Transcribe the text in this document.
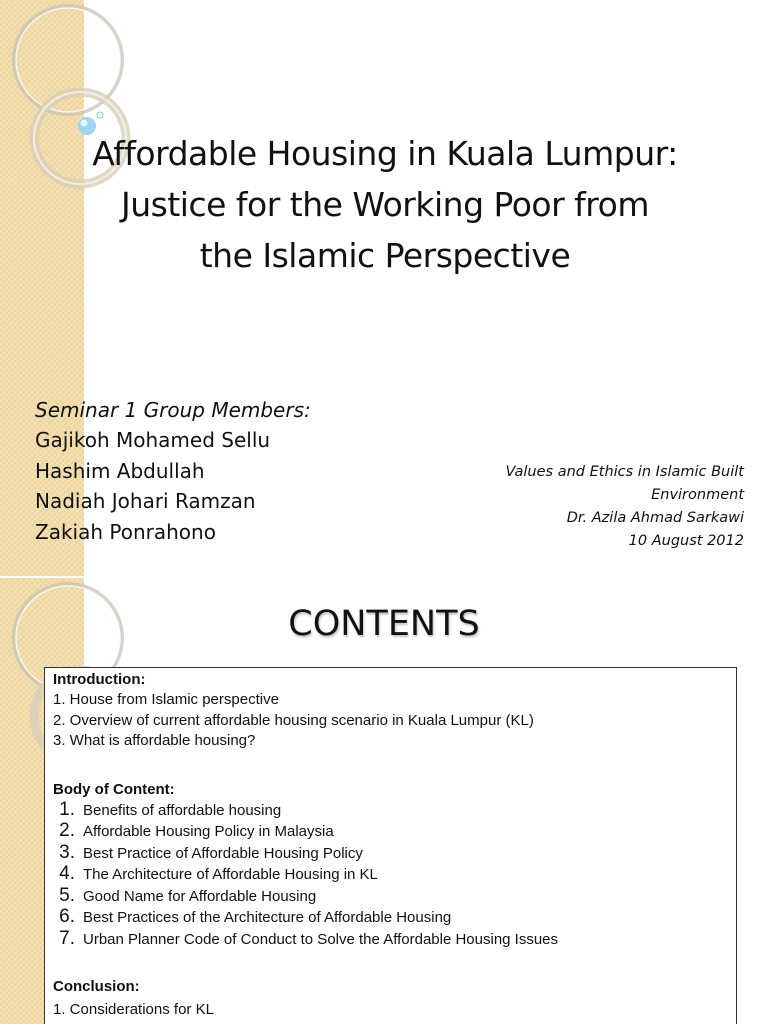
Affordable Housing in Kuala Lumpur:
Justice for the Working Poor from
the Islamic Perspective
Seminar 1 Group Members:
Gajikoh Mohamed Sellu
Hashim Abdullah
Nadiah Johari Ramzan
Zakiah Ponrahono
Values and Ethics in Islamic Built
Environment
Dr. Azila Ahmad Sarkawi
10 August 2012
CONTENTS
Introduction:
1. House from Islamic perspective
2. Overview of current affordable housing scenario in Kuala Lumpur (KL)
3. What is affordable housing?
Body of Content:
1. Benefits of affordable housing
2. Affordable Housing Policy in Malaysia
3. Best Practice of Affordable Housing Policy
4. The Architecture of Affordable Housing in KL
5. Good Name for Affordable Housing
6. Best Practices of the Architecture of Affordable Housing
7. Urban Planner Code of Conduct to Solve the Affordable Housing Issues
Conclusion:
1. Considerations for KL
